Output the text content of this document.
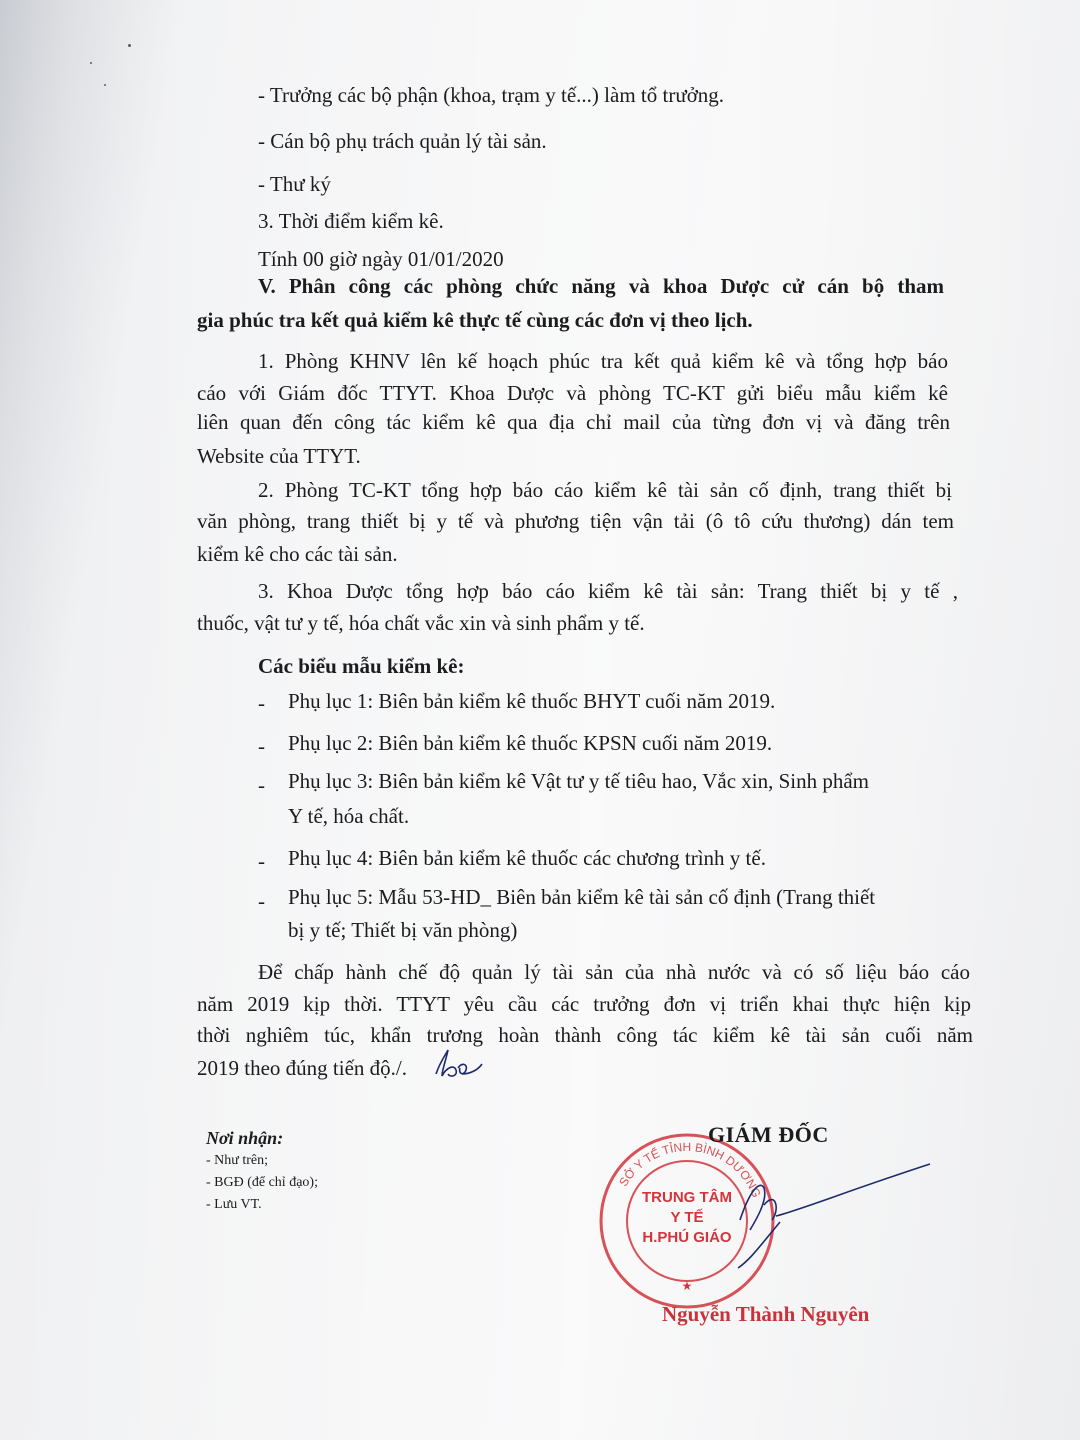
- Trưởng các bộ phận (khoa, trạm y tế...) làm tổ trưởng.
- Cán bộ phụ trách quản lý tài sản.
- Thư ký
3. Thời điểm kiểm kê.
Tính 00 giờ ngày 01/01/2020
V. Phân công các phòng chức năng và khoa Dược cử cán bộ tham
gia phúc tra kết quả kiểm kê thực tế cùng các đơn vị theo lịch.
1. Phòng KHNV lên kế hoạch phúc tra kết quả kiểm kê và tổng hợp báo
cáo với Giám đốc TTYT. Khoa Dược và phòng TC-KT gửi biểu mẫu kiểm kê
liên quan đến công tác kiểm kê qua địa chỉ mail của từng đơn vị và đăng trên
Website của TTYT.
2. Phòng TC-KT tổng hợp báo cáo kiểm kê tài sản cố định, trang thiết bị
văn phòng, trang thiết bị y tế và phương tiện vận tải (ô tô cứu thương) dán tem
kiểm kê cho các tài sản.
3. Khoa Dược tổng hợp báo cáo kiểm kê tài sản: Trang thiết bị y tế ,
thuốc, vật tư y tế, hóa chất vắc xin và sinh phẩm y tế.
Các biểu mẫu kiểm kê:
- Phụ lục 1: Biên bản kiểm kê thuốc BHYT cuối năm 2019.
- Phụ lục 2: Biên bản kiểm kê thuốc KPSN cuối năm 2019.
- Phụ lục 3: Biên bản kiểm kê Vật tư y tế tiêu hao, Vắc xin, Sinh phẩm
Y tế, hóa chất.
- Phụ lục 4: Biên bản kiểm kê thuốc các chương trình y tế.
- Phụ lục 5: Mẫu 53-HD_ Biên bản kiểm kê tài sản cố định (Trang thiết
bị y tế; Thiết bị văn phòng)
Để chấp hành chế độ quản lý tài sản của nhà nước và có số liệu báo cáo
năm 2019 kịp thời. TTYT yêu cầu các trưởng đơn vị triển khai thực hiện kịp
thời nghiêm túc, khẩn trương hoàn thành công tác kiểm kê tài sản cuối năm
2019 theo đúng tiến độ./.
Nơi nhận:
- Như trên;
- BGĐ (để chỉ đạo);
- Lưu VT.
SỞ Y TẾ TỈNH BÌNH DƯƠNG
TRUNG TÂM
Y TẾ
H.PHÚ GIÁO
★
GIÁM ĐỐC
Nguyễn Thành Nguyên
